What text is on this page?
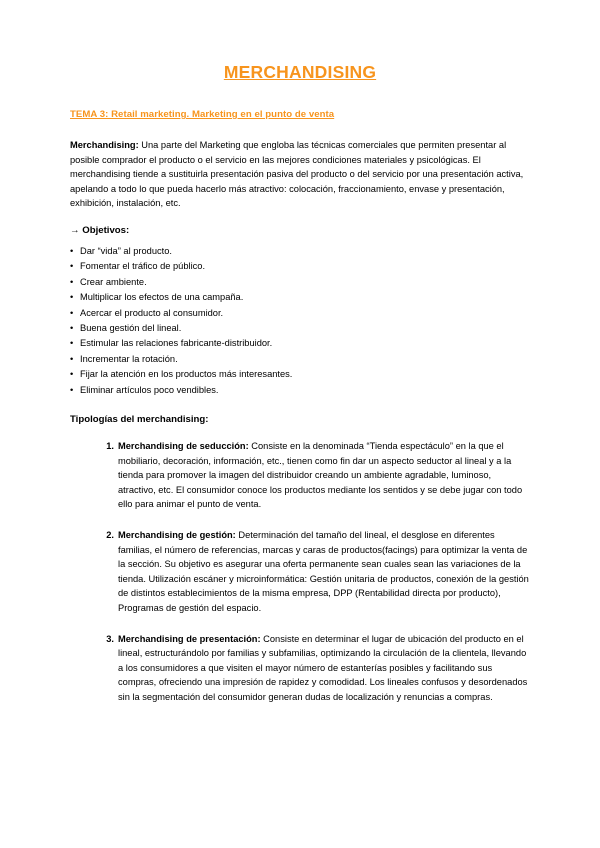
MERCHANDISING
TEMA 3: Retail marketing. Marketing en el punto de venta

Merchandising: Una parte del Marketing que engloba las técnicas comerciales que permiten presentar al posible comprador el producto o el servicio en las mejores condiciones materiales y psicológicas. El merchandising tiende a sustituirla presentación pasiva del producto o del servicio por una presentación activa, apelando a todo lo que pueda hacerlo más atractivo: colocación, fraccionamiento, envase y presentación, exhibición, instalación, etc.

→ Objetivos:
• Dar “vida” al producto.
• Fomentar el tráfico de público.
• Crear ambiente.
• Multiplicar los efectos de una campaña.
• Acercar el producto al consumidor.
• Buena gestión del lineal.
• Estimular las relaciones fabricante-distribuidor.
• Incrementar la rotación.
• Fijar la atención en los productos más interesantes.
• Eliminar artículos poco vendibles.
Tipologías del merchandising:
Merchandising de seducción: Consiste en la denominada “Tienda espectáculo” en la que el mobiliario, decoración, información, etc., tienen como fin dar un aspecto seductor al lineal y a la tienda para promover la imagen del distribuidor creando un ambiente agradable, luminoso, atractivo, etc. El consumidor conoce los productos mediante los sentidos y se debe jugar con todo ello para animar el punto de venta.
Merchandising de gestión: Determinación del tamaño del lineal, el desglose en diferentes familias, el número de referencias, marcas y caras de productos(facings) para optimizar la venta de la sección. Su objetivo es asegurar una oferta permanente sean cuales sean las variaciones de la tienda. Utilización escáner y microinformática: Gestión unitaria de productos, conexión de la gestión de distintos establecimientos de la misma empresa, DPP (Rentabilidad directa por producto), Programas de gestión del espacio.
Merchandising de presentación: Consiste en determinar el lugar de ubicación del producto en el lineal, estructurándolo por familias y subfamilias, optimizando la circulación de la clientela, llevando a los consumidores a que visiten el mayor número de estanterías posibles y facilitando sus compras, ofreciendo una impresión de rapidez y comodidad. Los lineales confusos y desordenados sin la segmentación del consumidor generan dudas de localización y renuncias a compras.
